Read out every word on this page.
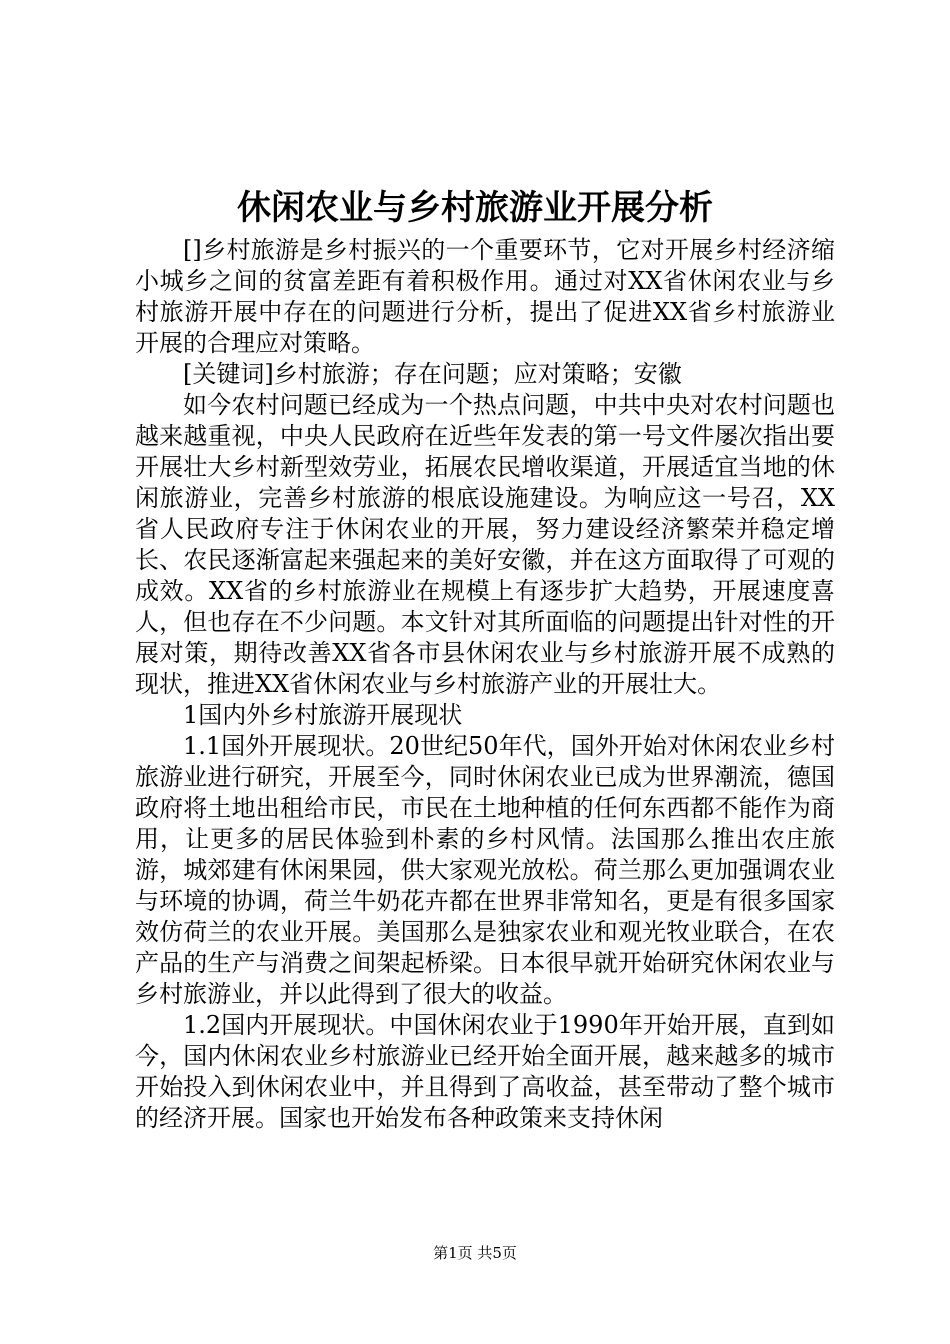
休闲农业与乡村旅游业开展分析

[]乡村旅游是乡村振兴的一个重要环节，它对开展乡村经济缩小城乡之间的贫富差距有着积极作用。通过对XX省休闲农业与乡村旅游开展中存在的问题进行分析，提出了促进XX省乡村旅游业开展的合理应对策略。

[关键词]乡村旅游；存在问题；应对策略；安徽

如今农村问题已经成为一个热点问题，中共中央对农村问题也越来越重视，中央人民政府在近些年发表的第一号文件屡次指出要开展壮大乡村新型效劳业，拓展农民增收渠道，开展适宜当地的休闲旅游业，完善乡村旅游的根底设施建设。为响应这一号召，XX省人民政府专注于休闲农业的开展，努力建设经济繁荣并稳定增长、农民逐渐富起来强起来的美好安徽，并在这方面取得了可观的成效。XX省的乡村旅游业在规模上有逐步扩大趋势，开展速度喜人，但也存在不少问题。本文针对其所面临的问题提出针对性的开展对策，期待改善XX省各市县休闲农业与乡村旅游开展不成熟的现状，推进XX省休闲农业与乡村旅游产业的开展壮大。

1国内外乡村旅游开展现状

1.1国外开展现状。20世纪50年代，国外开始对休闲农业乡村旅游业进行研究，开展至今，同时休闲农业已成为世界潮流，德国政府将土地出租给市民，市民在土地种植的任何东西都不能作为商用，让更多的居民体验到朴素的乡村风情。法国那么推出农庄旅游，城郊建有休闲果园，供大家观光放松。荷兰那么更加强调农业与环境的协调，荷兰牛奶花卉都在世界非常知名，更是有很多国家效仿荷兰的农业开展。美国那么是独家农业和观光牧业联合，在农产品的生产与消费之间架起桥梁。日本很早就开始研究休闲农业与乡村旅游业，并以此得到了很大的收益。

1.2国内开展现状。中国休闲农业于1990年开始开展，直到如今，国内休闲农业乡村旅游业已经开始全面开展，越来越多的城市开始投入到休闲农业中，并且得到了高收益，甚至带动了整个城市的经济开展。国家也开始发布各种政策来支持休闲

第1页 共5页
